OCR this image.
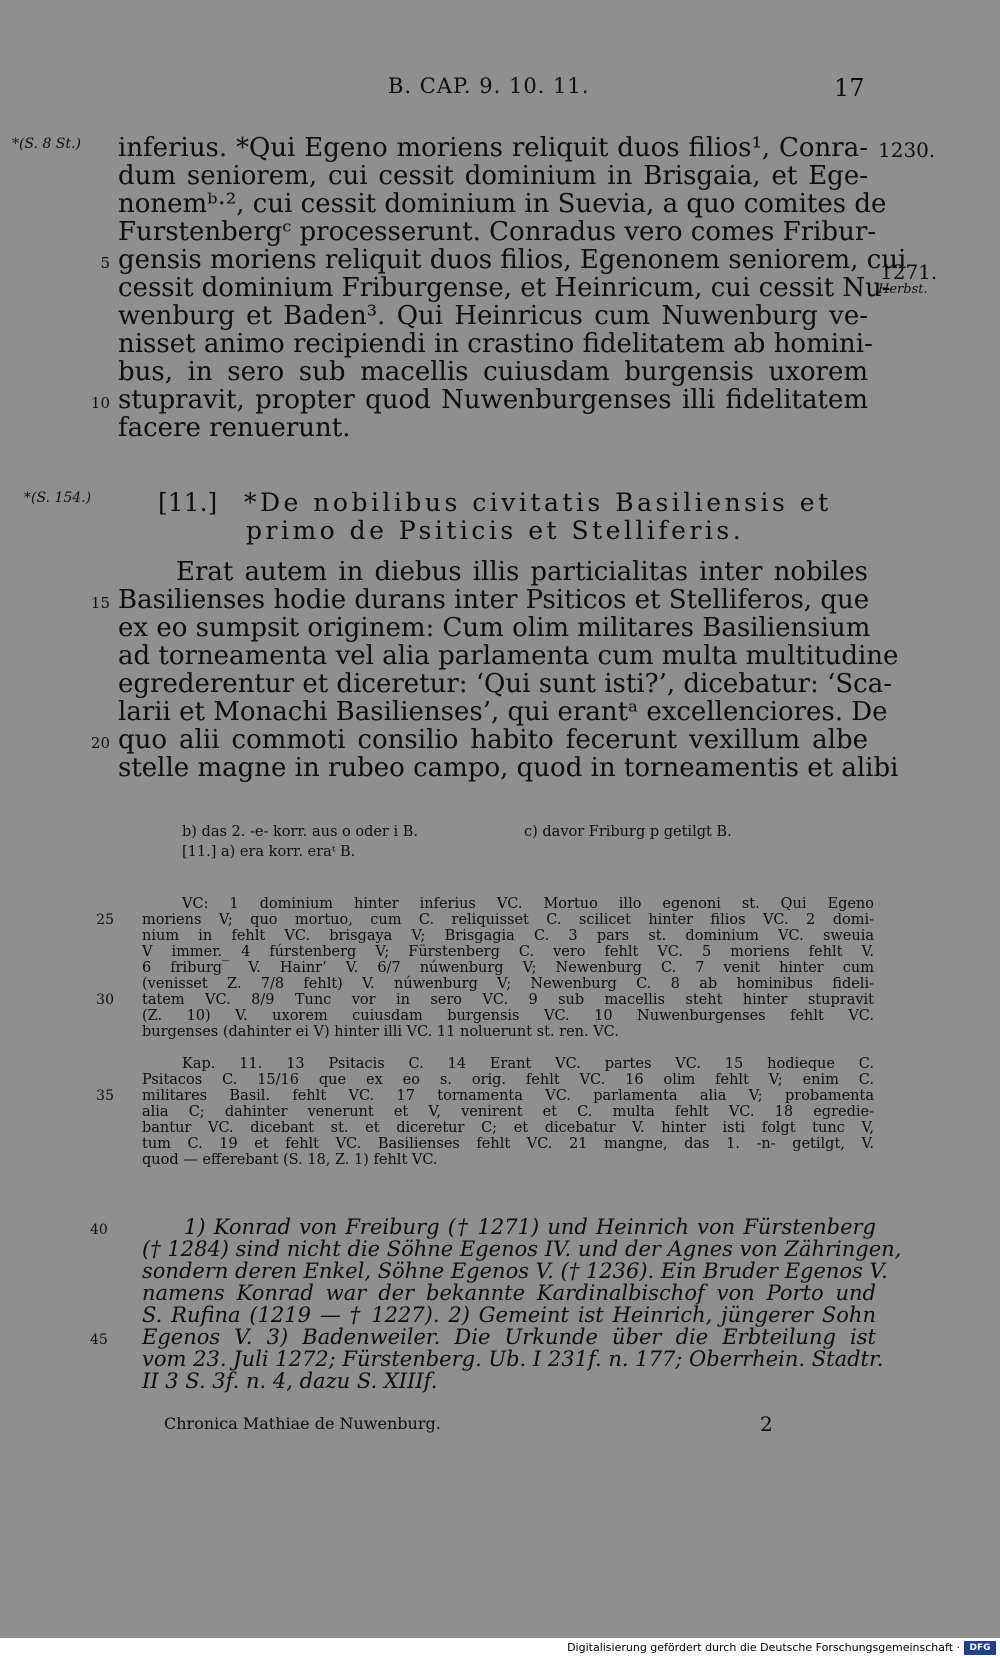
B. CAP. 9. 10. 11.	17
*(S. 8 St.)
*(S. 154.)
1230.
1271.
Herbst.
inferius. *Qui Egeno moriens reliquit duos filios¹, Conra-
dum seniorem, cui cessit dominium in Brisgaia, et Ege-
nonemᵇ·², cui cessit dominium in Suevia, a quo comites de
Furstenbergᶜ processerunt. Conradus vero comes Fribur-
gensis moriens reliquit duos filios, Egenonem seniorem, cui
cessit dominium Friburgense, et Heinricum, cui cessit Nu-
wenburg et Baden³. Qui Heinricus cum Nuwenburg ve-
nisset animo recipiendi in crastino fidelitatem ab homini-
bus, in sero sub macellis cuiusdam burgensis uxorem
stupravit, propter quod Nuwenburgenses illi fidelitatem
facere renuerunt.
5
10
[11.] *De nobilibus civitatis Basiliensis et
primo de Psiticis et Stelliferis.
Erat autem in diebus illis particialitas inter nobiles
Basilienses hodie durans inter Psiticos et Stelliferos, que
ex eo sumpsit originem: Cum olim militares Basiliensium
ad torneamenta vel alia parlamenta cum multa multitudine
egrederentur et diceretur: ‘Qui sunt isti?’, dicebatur: ‘Sca-
larii et Monachi Basilienses’, qui erantᵃ excellenciores. De
quo alii commoti consilio habito fecerunt vexillum albe
stelle magne in rubeo campo, quod in torneamentis et alibi
15
20
b) das 2. -e- korr. aus o oder i B.	c) davor Friburg p getilgt B.
[11.] a) era korr. eraᵗ B.
VC: 1 dominium hinter inferius VC. Mortuo illo egenoni st. Qui Egeno
moriens V; quo mortuo, cum C. reliquisset C. scilicet hinter filios VC. 2 domi-
nium in fehlt VC. brisgaya V; Brisgagia C. 3 pars st. dominium VC. sweuia
V immer. 4 fúrstenberg V; Fürstenberg C. vero fehlt VC. 5 moriens fehlt V.
6 friburg‾ V. Hainr’ V. 6/7 núwenburg V; Newenburg C. 7 venit hinter cum
(venisset Z. 7/8 fehlt) V. núwenburg V; Newenburg C. 8 ab hominibus fideli-
tatem VC. 8/9 Tunc vor in sero VC. 9 sub macellis steht hinter stupravit
(Z. 10) V. uxorem cuiusdam burgensis VC. 10 Nuwenburgenses fehlt VC.
burgenses (dahinter ei V) hinter illi VC. 11 noluerunt st. ren. VC.
Kap. 11. 13 Psitacis C. 14 Erant VC. partes VC. 15 hodieque C.
Psitacos C. 15/16 que ex eo s. orig. fehlt VC. 16 olim fehlt V; enim C.
militares Basil. fehlt VC. 17 tornamenta VC. parlamenta alia V; probamenta
alia C; dahinter venerunt et V, venirent et C. multa fehlt VC. 18 egredie-
bantur VC. dicebant st. et diceretur C; et dicebatur V. hinter isti folgt tunc V,
tum C. 19 et fehlt VC. Basilienses fehlt VC. 21 mangne, das 1. -n- getilgt, V.
quod — efferebant (S. 18, Z. 1) fehlt VC.
25
30
35
1) Konrad von Freiburg († 1271) und Heinrich von Fürstenberg
(† 1284) sind nicht die Söhne Egenos IV. und der Agnes von Zähringen,
sondern deren Enkel, Söhne Egenos V. († 1236). Ein Bruder Egenos V.
namens Konrad war der bekannte Kardinalbischof von Porto und
S. Rufina (1219 — † 1227). 2) Gemeint ist Heinrich, jüngerer Sohn
Egenos V. 3) Badenweiler. Die Urkunde über die Erbteilung ist
vom 23. Juli 1272; Fürstenberg. Ub. I 231f. n. 177; Oberrhein. Stadtr.
II 3 S. 3f. n. 4, dazu S. XIIIf.
40
45
Chronica Mathiae de Nuwenburg.	2
Digitalisierung gefördert durch die Deutsche Forschungsgemeinschaft ·	DFG
